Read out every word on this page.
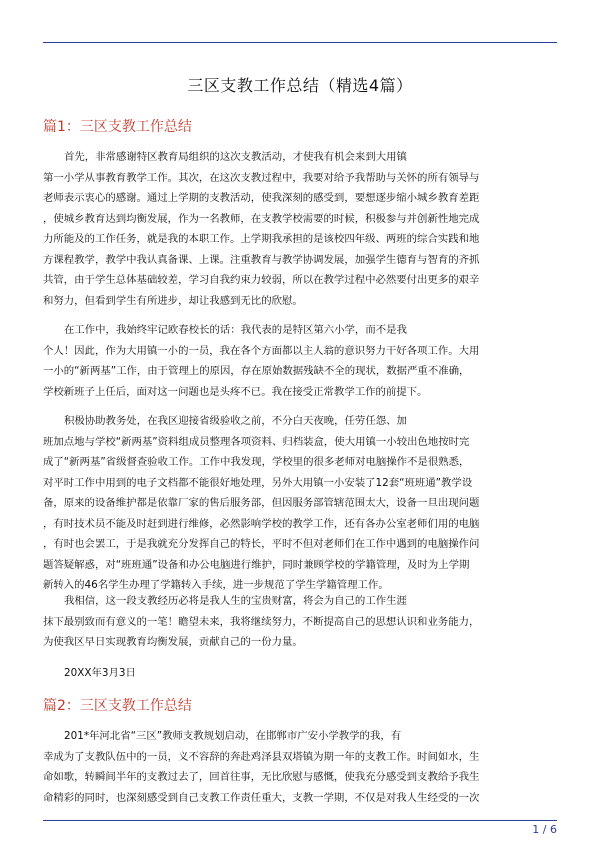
三区支教工作总结（精选4篇）
篇1：三区支教工作总结
首先，非常感谢特区教育局组织的这次支教活动，才使我有机会来到大用镇
第一小学从事教育教学工作。其次，在这次支教过程中，我要对给予我帮助与关怀的所有领导与
老师表示衷心的感谢。通过上学期的支教活动，使我深刻的感受到，要想逐步缩小城乡教育差距
，使城乡教育达到均衡发展，作为一名教师，在支教学校需要的时候，积极参与并创新性地完成
力所能及的工作任务，就是我的本职工作。上学期我承担的是该校四年级、两班的综合实践和地
方课程教学，教学中我认真备课、上课。注重教育与教学协调发展，加强学生德育与智育的齐抓
共管，由于学生总体基础较差，学习自我约束力较弱，所以在教学过程中必然要付出更多的艰辛
和努力，但看到学生有所进步，却让我感到无比的欣慰。
在工作中，我始终牢记欧春校长的话：我代表的是特区第六小学，而不是我
个人！因此，作为大用镇一小的一员，我在各个方面都以主人翁的意识努力干好各项工作。大用
一小的“新两基”工作，由于管理上的原因，存在原始数据残缺不全的现状，数据严重不准确，
学校新班子上任后，面对这一问题也是头疼不已。我在接受正常教学工作的前提下。
积极协助教务处，在我区迎接省级验收之前，不分白天夜晚，任劳任怨、加
班加点地与学校“新两基”资料组成员整理各项资料、归档装盒，使大用镇一小较出色地按时完
成了“新两基”省级督查验收工作。工作中我发现，学校里的很多老师对电脑操作不是很熟悉，
对平时工作中用到的电子文档都不能很好地处理，另外大用镇一小安装了12套“班班通”教学设
备，原来的设备维护都是依靠厂家的售后服务部，但因服务部管辖范围太大，设备一旦出现问题
，有时技术员不能及时赶到进行维修，必然影响学校的教学工作，还有各办公室老师们用的电脑
，有时也会罢工，于是我就充分发挥自己的特长，平时不但对老师们在工作中遇到的电脑操作问
题答疑解惑，对“班班通”设备和办公电脑进行维护，同时兼顾学校的学籍管理，及时为上学期
新转入的46名学生办理了学籍转入手续，进一步规范了学生学籍管理工作。
我相信，这一段支教经历必将是我人生的宝贵财富，将会为自己的工作生涯
抹下最别致而有意义的一笔！瞻望未来，我将继续努力，不断提高自己的思想认识和业务能力，
为使我区早日实现教育均衡发展，贡献自己的一份力量。
20XX年3月3日
篇2：三区支教工作总结
201*年河北省“三区”教师支教规划启动，在邯郸市广安小学教学的我，有
幸成为了支教队伍中的一员，义不容辞的奔赴鸡泽县双塔镇为期一年的支教工作。时间如水，生
命如歌，转瞬间半年的支教过去了，回首往事，无比欣慰与感慨，使我充分感受到支教给予我生
命精彩的同时，也深刻感受到自己支教工作责任重大，支教一学期，不仅是对我人生经受的一次
1 / 6
